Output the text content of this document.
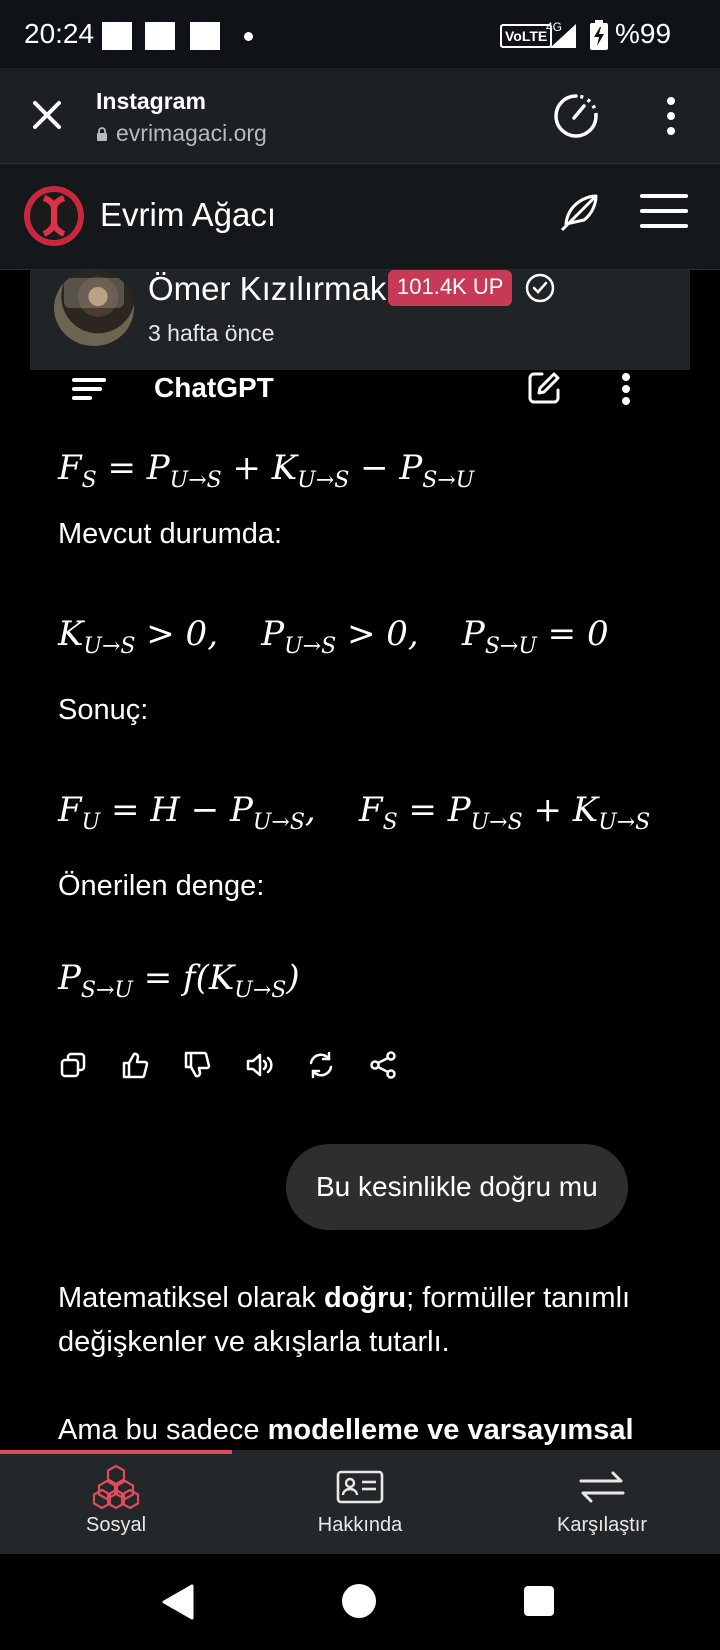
20:24	VoLTE
4G %99
Instagram
evrimagaci.org
Evrim Ağacı
Ömer Kızılırmak 101.4K UP
3 hafta önce
ChatGPT
$F_S = P_{U\to S} + K_{U\to S} - P_{S\to U}$
Mevcut durumda:
$K_{U\to S} > 0$,    $P_{U\to S} > 0$,    $P_{S\to U} = 0$
Sonuç:
$F_U = H - P_{U\to S}$,    $F_S = P_{U\to S} + K_{U\to S}$
Önerilen denge:
$P_{S\to U} = f(K_{U\to S})$
Bu kesinlikle doğru mu
Matematiksel olarak doğru; formüller tanımlı değişkenler ve akışlarla tutarlı.
Ama bu sadece modelleme ve varsayımsal
Sosyal	Hakkında	Karşılaştır
